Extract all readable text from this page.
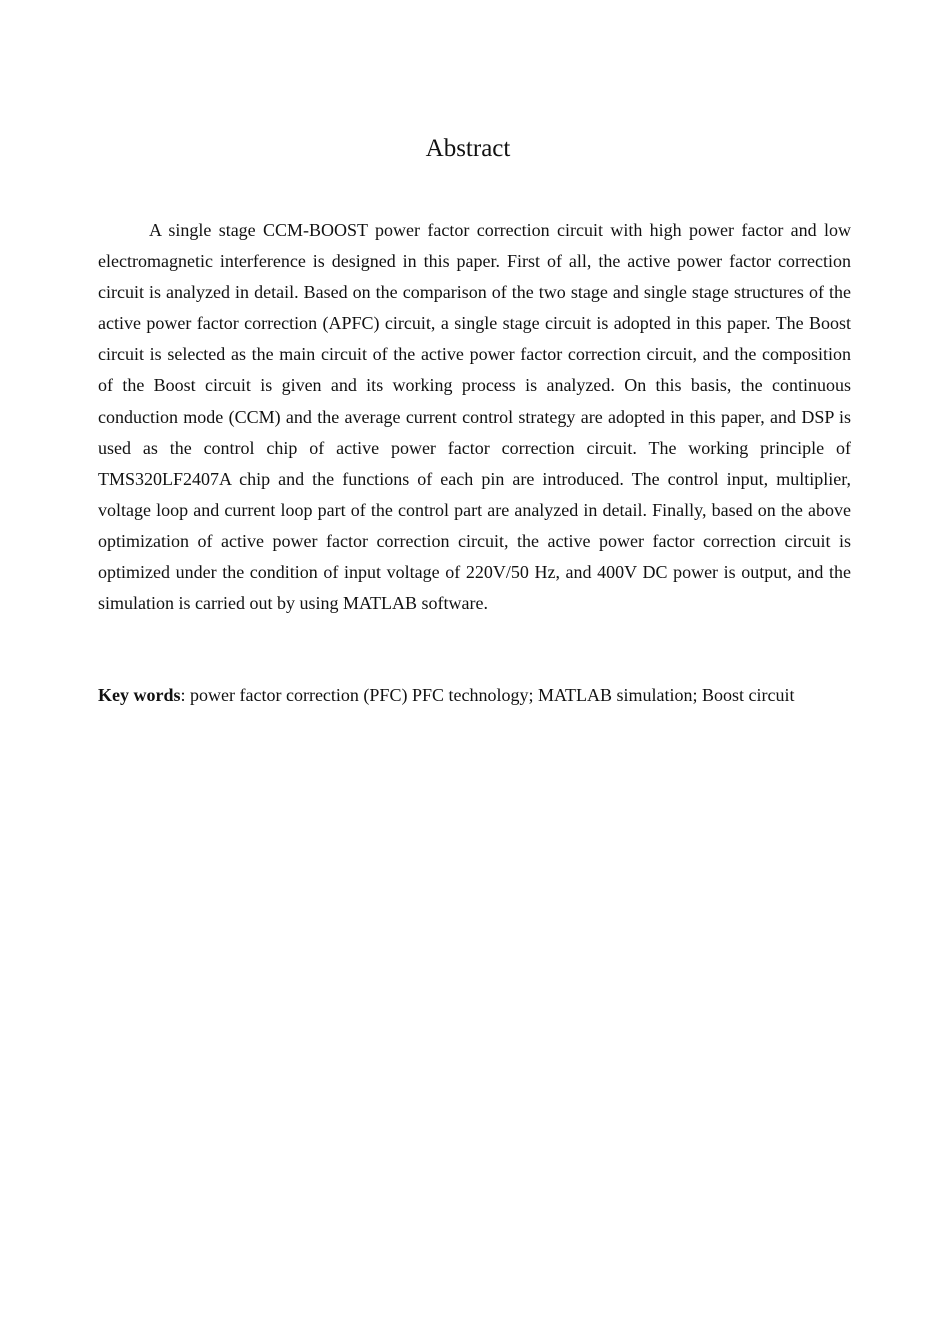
Abstract

A single stage CCM-BOOST power factor correction circuit with high power factor and low electromagnetic interference is designed in this paper. First of all, the active power factor correction circuit is analyzed in detail. Based on the comparison of the two stage and single stage structures of the active power factor correction (APFC) circuit, a single stage circuit is adopted in this paper. The Boost circuit is selected as the main circuit of the active power factor correction circuit, and the composition of the Boost circuit is given and its working process is analyzed. On this basis, the continuous conduction mode (CCM) and the average current control strategy are adopted in this paper, and DSP is used as the control chip of active power factor correction circuit. The working principle of TMS320LF2407A chip and the functions of each pin are introduced. The control input, multiplier, voltage loop and current loop part of the control part are analyzed in detail. Finally, based on the above optimization of active power factor correction circuit, the active power factor correction circuit is optimized under the condition of input voltage of 220V/50 Hz, and 400V DC power is output, and the simulation is carried out by using MATLAB software.

Key words: power factor correction (PFC) PFC technology; MATLAB simulation; Boost circuit
